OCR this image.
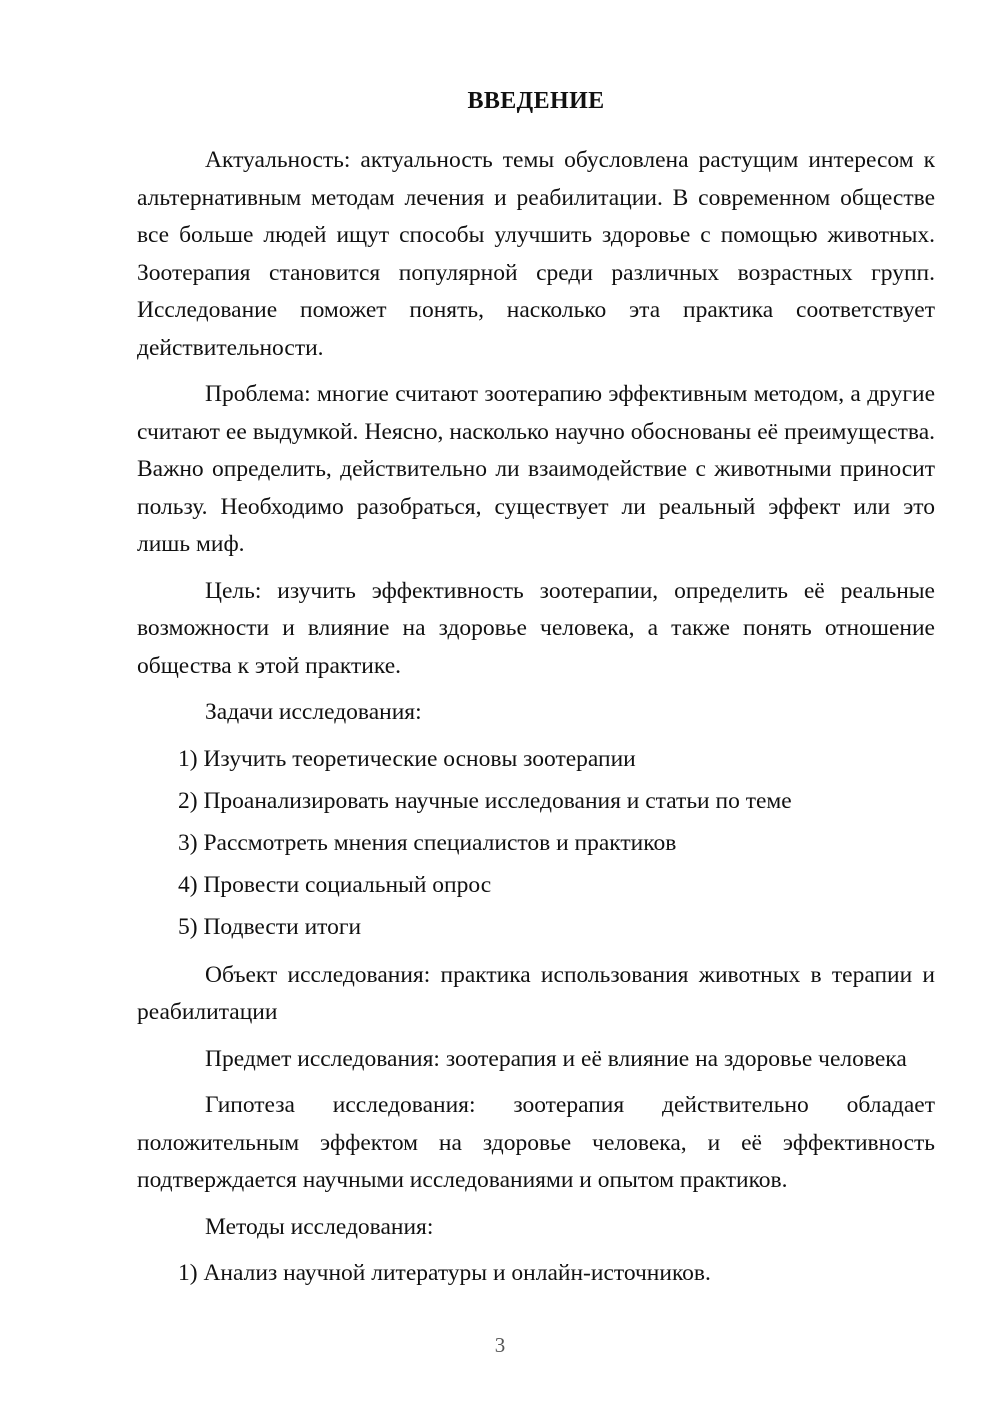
ВВЕДЕНИЕ

Актуальность: актуальность темы обусловлена растущим интересом к альтернативным методам лечения и реабилитации. В современном обществе все больше людей ищут способы улучшить здоровье с помощью животных. Зоотерапия становится популярной среди различных возрастных групп. Исследование поможет понять, насколько эта практика соответствует действительности.

Проблема: многие считают зоотерапию эффективным методом, а другие считают ее выдумкой. Неясно, насколько научно обоснованы её преимущества. Важно определить, действительно ли взаимодействие с животными приносит пользу. Необходимо разобраться, существует ли реальный эффект или это лишь миф.

Цель: изучить эффективность зоотерапии, определить её реальные возможности и влияние на здоровье человека, а также понять отношение общества к этой практике.

Задачи исследования:

1) Изучить теоретические основы зоотерапии
2) Проанализировать научные исследования и статьи по теме
3) Рассмотреть мнения специалистов и практиков
4) Провести социальный опрос
5) Подвести итоги

Объект исследования: практика использования животных в терапии и реабилитации

Предмет исследования: зоотерапия и её влияние на здоровье человека

Гипотеза исследования: зоотерапия действительно обладает положительным эффектом на здоровье человека, и её эффективность подтверждается научными исследованиями и опытом практиков.

Методы исследования:

1) Анализ научной литературы и онлайн-источников.
3
